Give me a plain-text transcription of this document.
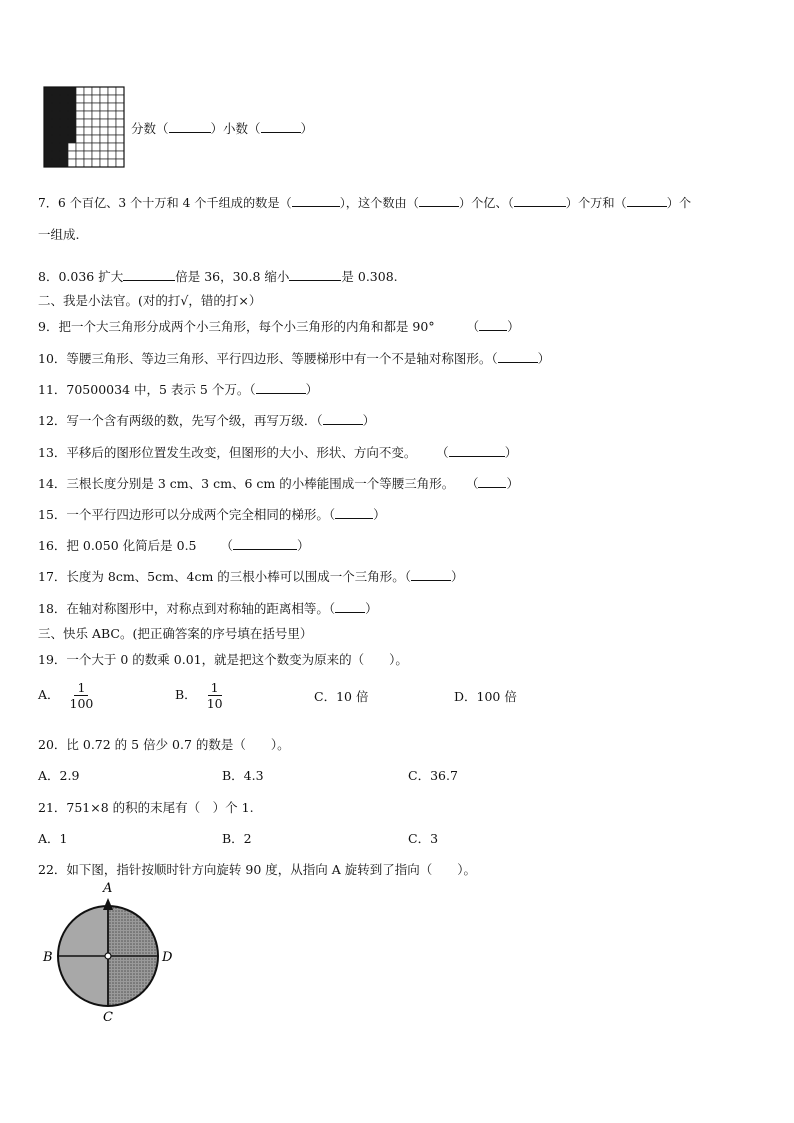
分数（	）小数（	）
7．6 个百亿、3 个十万和 4 个千组成的数是（	），这个数由（	）个亿、（	）个万和（	）个
一组成.
8．0.036 扩大	倍是 36，30.8 缩小	是 0.308.
二、我是小法官。(对的打√，错的打×）
9．把一个大三角形分成两个小三角形，每个小三角形的内角和都是 90°	（ ）
10．等腰三角形、等边三角形、平行四边形、等腰梯形中有一个不是轴对称图形。（	）
11．70500034 中，5 表示 5 个万。（	）
12．写一个含有两级的数，先写个级，再写万级．（	）
13．平移后的图形位置发生改变，但图形的大小、形状、方向不变。 （	）
14．三根长度分别是 3 cm、3 cm、6 cm 的小棒能围成一个等腰三角形。 （ ）
15．一个平行四边形可以分成两个完全相同的梯形。（	）
16．把 0.050 化简后是 0.5 （	）
17．长度为 8cm、5cm、4cm 的三根小棒可以围成一个三角形。（	）
18．在轴对称图形中，对称点到对称轴的距离相等。（ ）
三、快乐 ABC。(把正确答案的序号填在括号里）
19．一个大于 0 的数乘 0.01，就是把这个数变为原来的（　　）。
A． $\frac{1}{100}$	B． $\frac{1}{10}$	C．10 倍	D．100 倍
20．比 0.72 的 5 倍少 0.7 的数是（　　）。
A．2.9	B．4.3	C．36.7
21．751×8 的积的末尾有（　）个 1.
A．1	B．2	C．3
22．如下图，指针按顺时针方向旋转 90 度，从指向 A 旋转到了指向（　　）。
A
B	D
C
